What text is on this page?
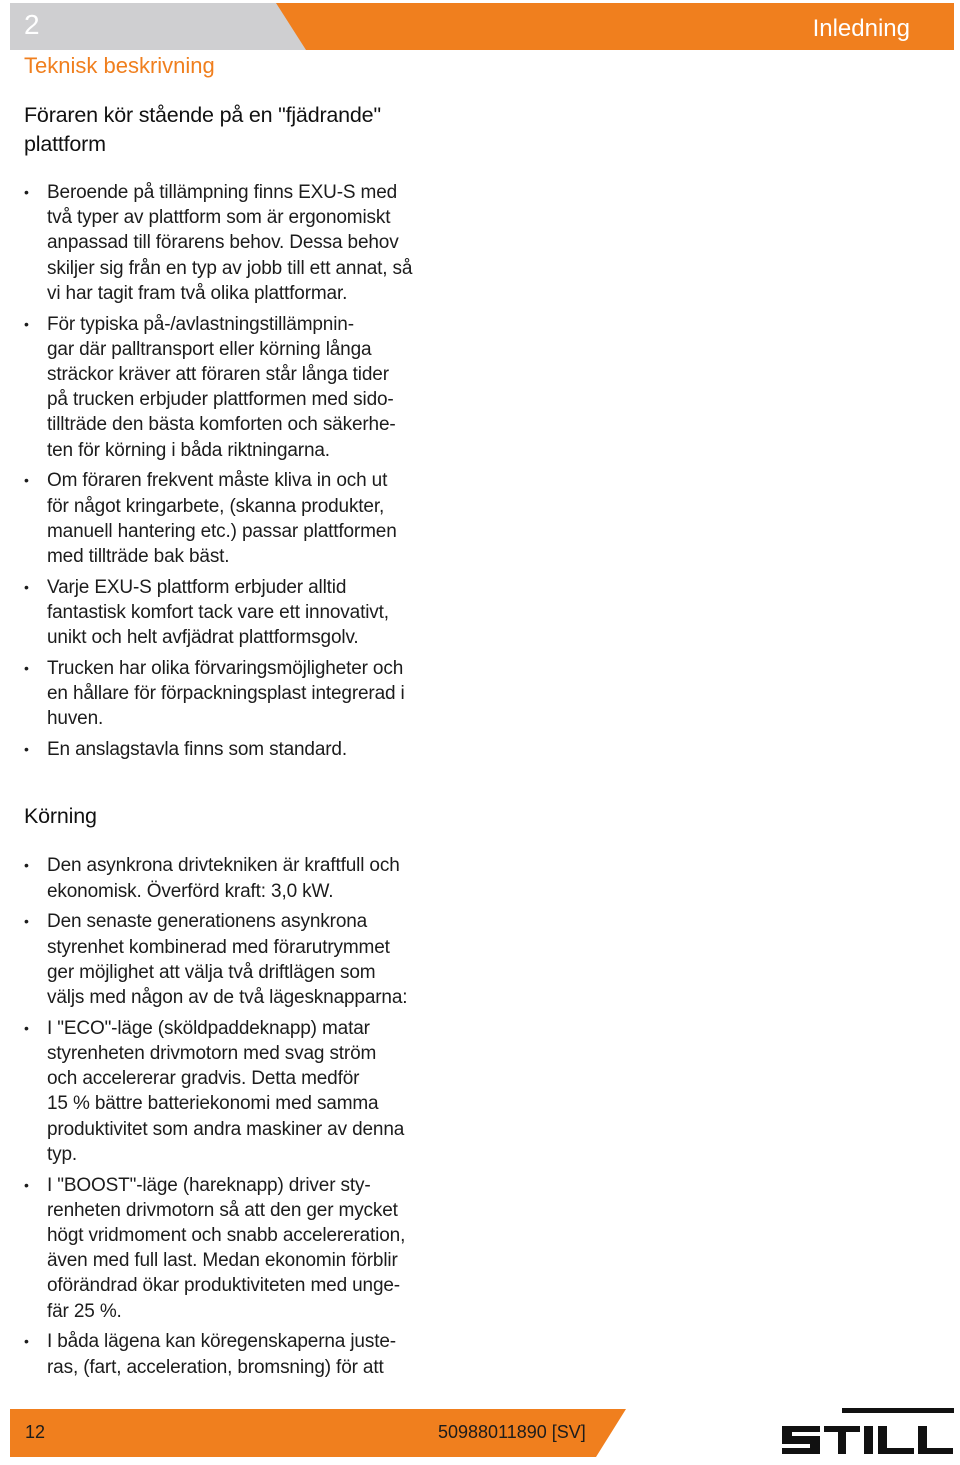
2	Inledning
Teknisk beskrivning
Föraren kör stående på en "fjädrande"
plattform
• Beroende på tillämpning finns EXU-S med
två typer av plattform som är ergonomiskt
anpassad till förarens behov. Dessa behov
skiljer sig från en typ av jobb till ett annat, så
vi har tagit fram två olika plattformar.
• För typiska på-/avlastningstillämpnin-
gar där palltransport eller körning långa
sträckor kräver att föraren står långa tider
på trucken erbjuder plattformen med sido-
tillträde den bästa komforten och säkerhe-
ten för körning i båda riktningarna.
• Om föraren frekvent måste kliva in och ut
för något kringarbete, (skanna produkter,
manuell hantering etc.) passar plattformen
med tillträde bak bäst.
• Varje EXU-S plattform erbjuder alltid
fantastisk komfort tack vare ett innovativt,
unikt och helt avfjädrat plattformsgolv.
• Trucken har olika förvaringsmöjligheter och
en hållare för förpackningsplast integrerad i
huven.
• En anslagstavla finns som standard.
Körning
• Den asynkrona drivtekniken är kraftfull och
ekonomisk. Överförd kraft: 3,0 kW.
• Den senaste generationens asynkrona
styrenhet kombinerad med förarutrymmet
ger möjlighet att välja två driftlägen som
väljs med någon av de två lägesknapparna:
• I "ECO"-läge (sköldpaddeknapp) matar
styrenheten drivmotorn med svag ström
och accelererar gradvis. Detta medför
15 % bättre batteriekonomi med samma
produktivitet som andra maskiner av denna
typ.
• I "BOOST"-läge (hareknapp) driver sty-
renheten drivmotorn så att den ger mycket
högt vridmoment och snabb accelereration,
även med full last. Medan ekonomin förblir
oförändrad ökar produktiviteten med unge-
fär 25 %.
• I båda lägena kan köregenskaperna juste-
ras, (fart, acceleration, bromsning) för att
12	50988011890 [SV]
